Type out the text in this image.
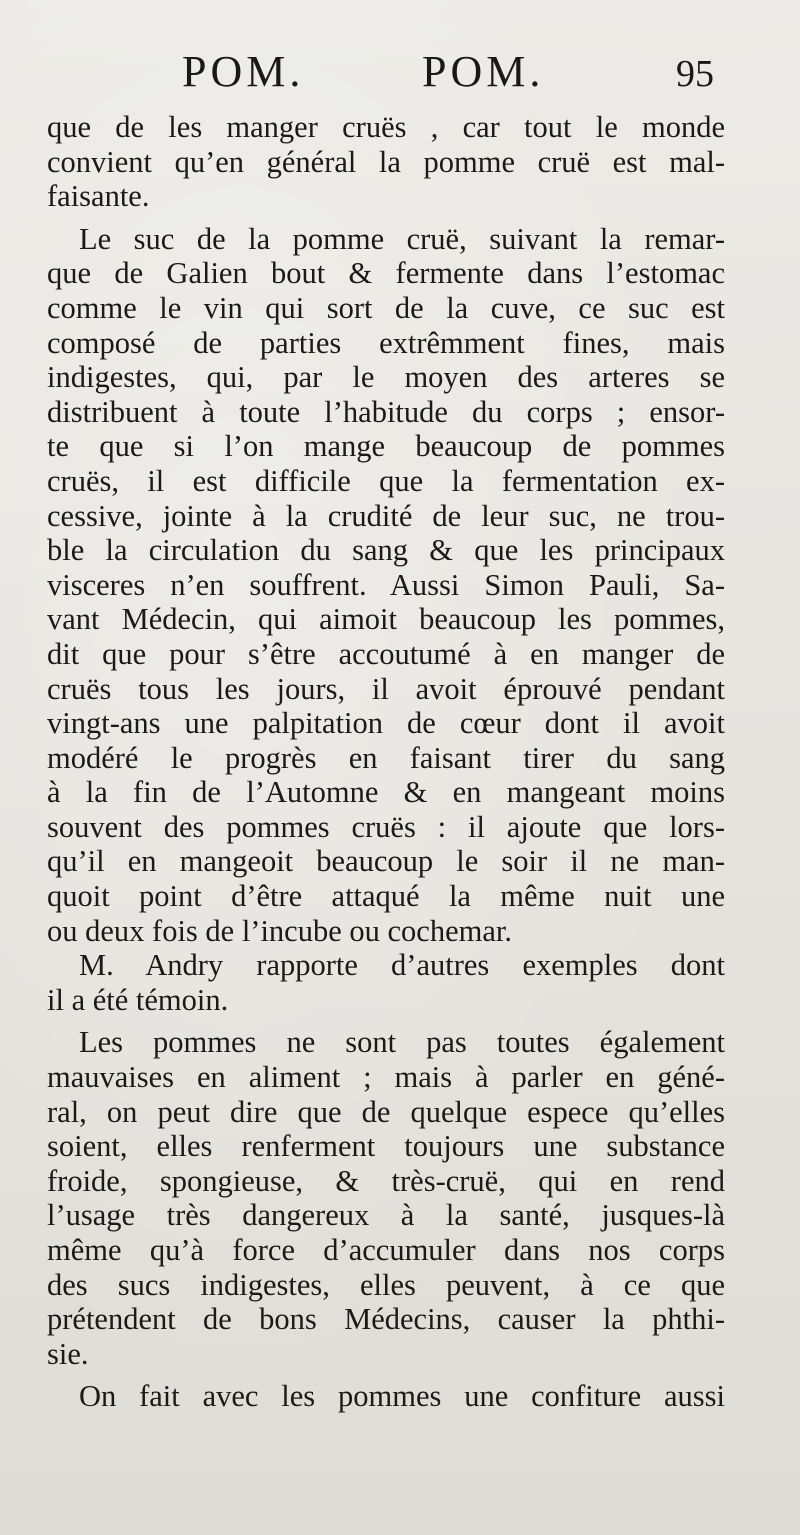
POM.	POM.	95
que de les manger cruës , car tout le monde
convient qu’en général la pomme cruë est mal-
faisante.
Le suc de la pomme cruë, suivant la remar-
que de Galien bout & fermente dans l’estomac
comme le vin qui sort de la cuve, ce suc est
composé de parties extrêmment fines, mais
indigestes, qui, par le moyen des arteres se
distribuent à toute l’habitude du corps ; ensor-
te que si l’on mange beaucoup de pommes
cruës, il est difficile que la fermentation ex-
cessive, jointe à la crudité de leur suc, ne trou-
ble la circulation du sang & que les principaux
visceres n’en souffrent. Aussi Simon Pauli, Sa-
vant Médecin, qui aimoit beaucoup les pommes,
dit que pour s’être accoutumé à en manger de
cruës tous les jours, il avoit éprouvé pendant
vingt-ans une palpitation de cœur dont il avoit
modéré le progrès en faisant tirer du sang
à la fin de l’Automne & en mangeant moins
souvent des pommes cruës : il ajoute que lors-
qu’il en mangeoit beaucoup le soir il ne man-
quoit point d’être attaqué la même nuit une
ou deux fois de l’incube ou cochemar.
M. Andry rapporte d’autres exemples dont
il a été témoin.
Les pommes ne sont pas toutes également
mauvaises en aliment ; mais à parler en géné-
ral, on peut dire que de quelque espece qu’elles
soient, elles renferment toujours une substance
froide, spongieuse, & très-cruë, qui en rend
l’usage très dangereux à la santé, jusques-là
même qu’à force d’accumuler dans nos corps
des sucs indigestes, elles peuvent, à ce que
prétendent de bons Médecins, causer la phthi-
sie.
On fait avec les pommes une confiture aussi
